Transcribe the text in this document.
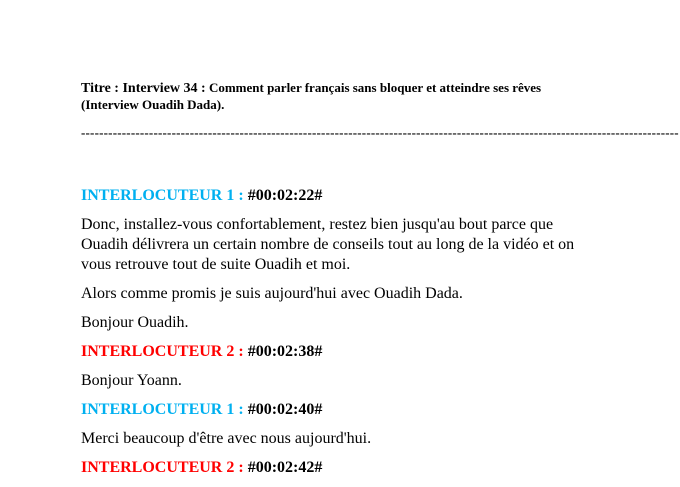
Titre : Interview 34 : Comment parler français sans bloquer et atteindre ses rêves (Interview Ouadih Dada).

------------------------------------------------------------------------------------------------------------------------------------
INTERLOCUTEUR 1 : #00:02:22#

Donc, installez-vous confortablement, restez bien jusqu'au bout parce que Ouadih délivrera un certain nombre de conseils tout au long de la vidéo et on vous retrouve tout de suite Ouadih et moi.

Alors comme promis je suis aujourd'hui avec Ouadih Dada.

Bonjour Ouadih.

INTERLOCUTEUR 2 : #00:02:38#

Bonjour Yoann.

INTERLOCUTEUR 1 : #00:02:40#

Merci beaucoup d'être avec nous aujourd'hui.

INTERLOCUTEUR 2 : #00:02:42#
